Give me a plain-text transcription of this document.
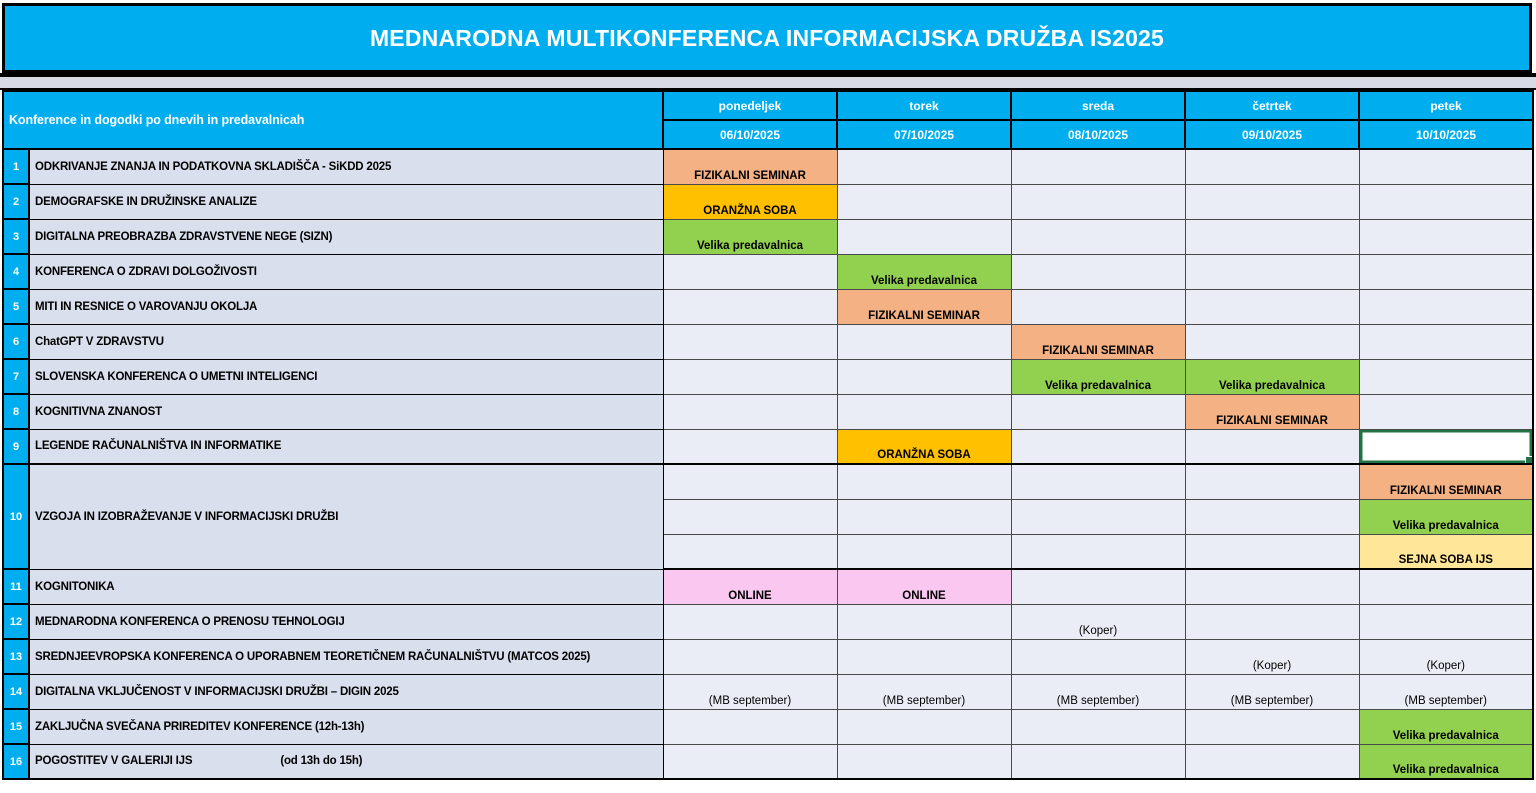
MEDNARODNA MULTIKONFERENCA INFORMACIJSKA DRUŽBA IS2025
Konference in dogodki po dnevih in predavalnicah		ponedeljek	torek	sreda	četrtek	petek
		06/10/2025	07/10/2025	08/10/2025	09/10/2025	10/10/2025
1	ODKRIVANJE ZNANJA IN PODATKOVNA SKLADIŠČA - SiKDD 2025	FIZIKALNI SEMINAR				
2	DEMOGRAFSKE IN DRUŽINSKE ANALIZE	ORANŽNA SOBA				
3	DIGITALNA PREOBRAZBA ZDRAVSTVENE NEGE (SIZN)	Velika predavalnica				
4	KONFERENCA O ZDRAVI DOLGOŽIVOSTI		Velika predavalnica			
5	MITI IN RESNICE O VAROVANJU OKOLJA		FIZIKALNI SEMINAR			
6	ChatGPT V ZDRAVSTVU			FIZIKALNI SEMINAR		
7	SLOVENSKA KONFERENCA O UMETNI INTELIGENCI			Velika predavalnica	Velika predavalnica	
8	KOGNITIVNA ZNANOST				FIZIKALNI SEMINAR	
9	LEGENDE RAČUNALNIŠTVA IN INFORMATIKE		ORANŽNA SOBA			

10	VZGOJA IN IZOBRAŽEVANJE V INFORMACIJSKI DRUŽBI					FIZIKALNI SEMINAR
						Velika predavalnica
						SEJNA SOBA IJS
11	KOGNITONIKA	ONLINE	ONLINE			
12	MEDNARODNA KONFERENCA O PRENOSU TEHNOLOGIJ			(Koper)		
13	SREDNJEEVROPSKA KONFERENCA O UPORABNEM TEORETIČNEM RAČUNALNIŠTVU (MATCOS 2025)				(Koper)	(Koper)
14	DIGITALNA VKLJUČENOST V INFORMACIJSKI DRUŽBI – DIGIN 2025	(MB september)	(MB september)	(MB september)	(MB september)	(MB september)
15	ZAKLJUČNA SVEČANA PRIREDITEV KONFERENCE (12h-13h)					Velika predavalnica
16	POGOSTITEV V GALERIJI IJS (od 13h do 15h)					Velika predavalnica
